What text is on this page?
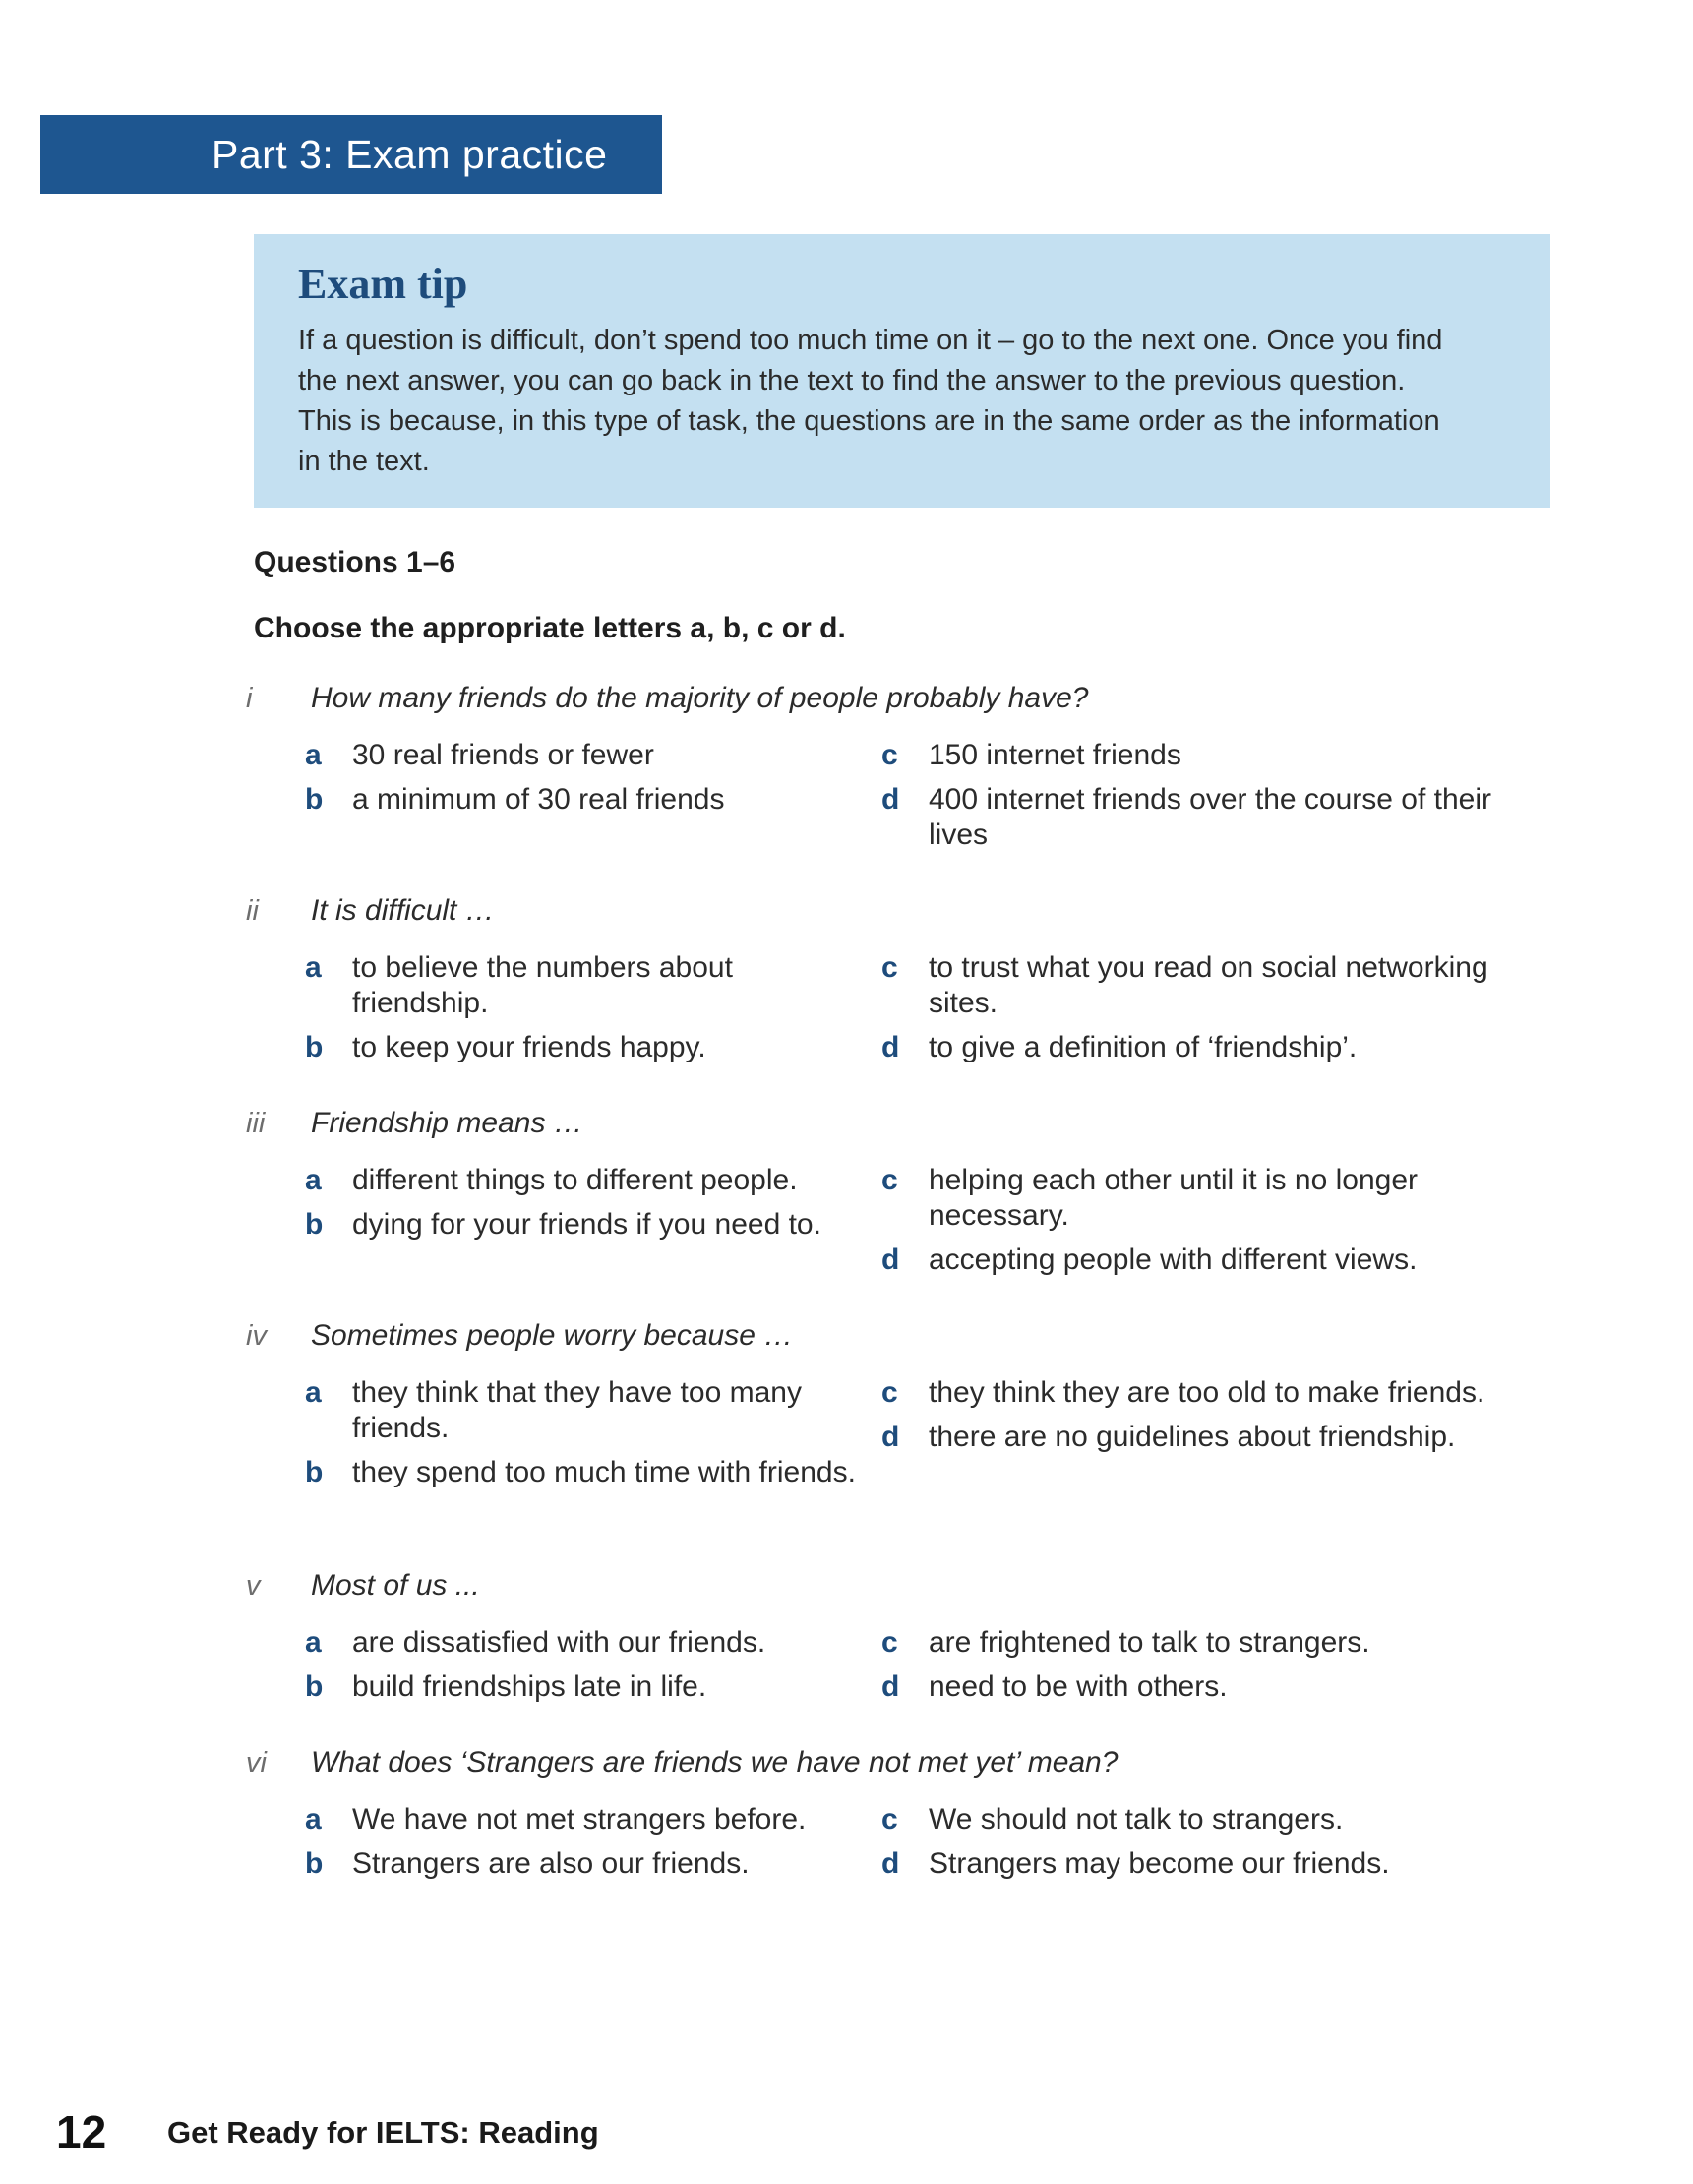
Part 3: Exam practice
Exam tip

If a question is difficult, don’t spend too much time on it – go to the next one. Once you find
the next answer, you can go back in the text to find the answer to the previous question.
This is because, in this type of task, the questions are in the same order as the information
in the text.

Questions 1–6
Choose the appropriate letters a, b, c or d.
i	How many friends do the majority of people probably have?
a 30 real friends or fewer
b a minimum of 30 real friends
c 150 internet friends
d 400 internet friends over the course of their lives
ii	It is difficult …
a to believe the numbers about friendship.
b to keep your friends happy.
c to trust what you read on social networking sites.
d to give a definition of ‘friendship’.
iii	Friendship means …
a different things to different people.
b dying for your friends if you need to.
c helping each other until it is no longer necessary.
d accepting people with different views.
iv	Sometimes people worry because …
a they think that they have too many friends.
b they spend too much time with friends.
c they think they are too old to make friends.
d there are no guidelines about friendship.
v	Most of us ...
a are dissatisfied with our friends.
b build friendships late in life.
c are frightened to talk to strangers.
d need to be with others.
vi	What does ‘Strangers are friends we have not met yet’ mean?
a We have not met strangers before.
b Strangers are also our friends.
c We should not talk to strangers.
d Strangers may become our friends.
12 Get Ready for IELTS: Reading
